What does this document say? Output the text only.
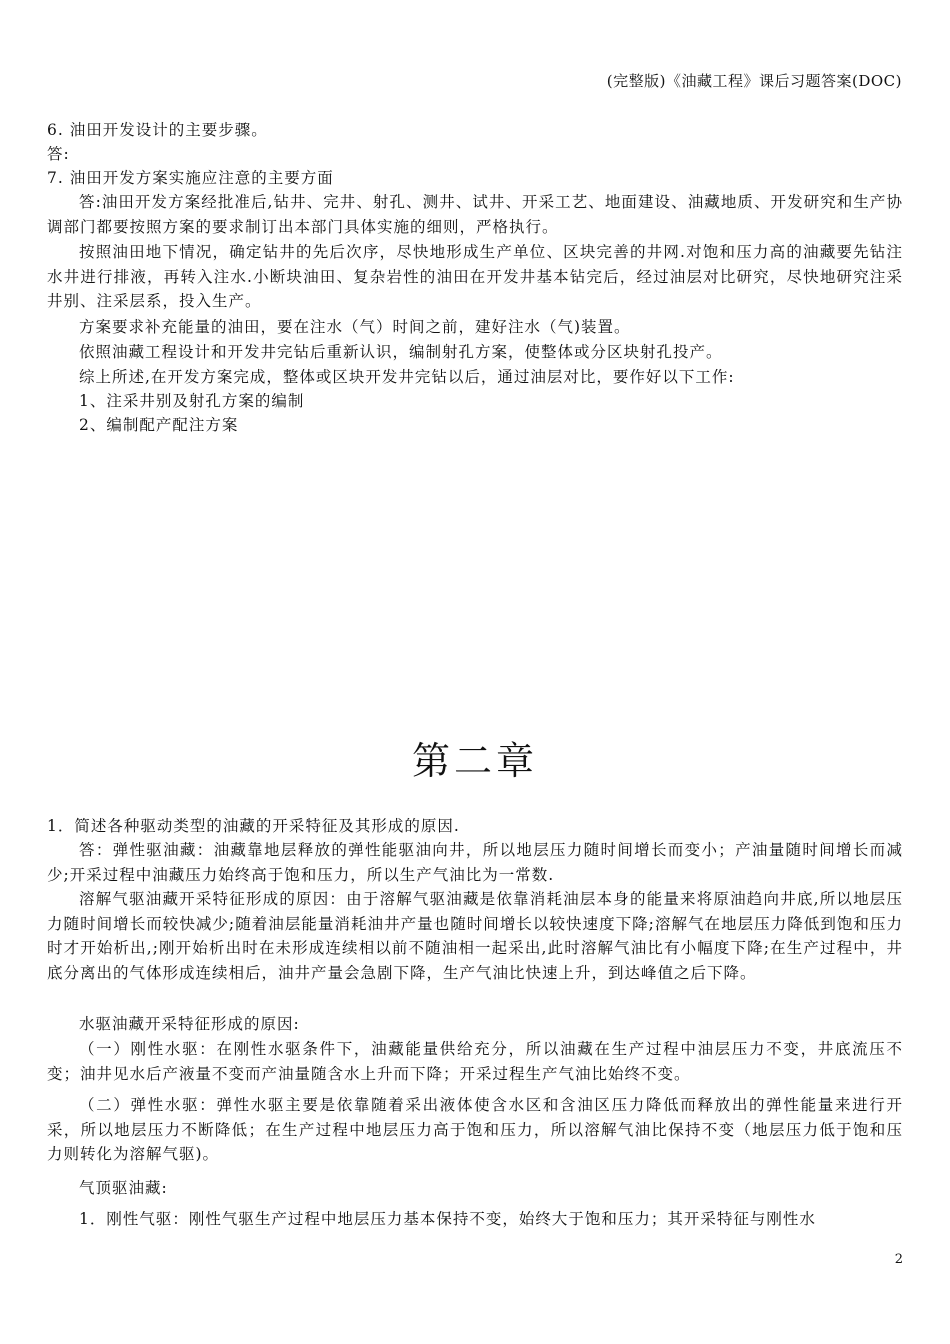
(完整版)《油藏工程》课后习题答案(DOC)

6. 油田开发设计的主要步骤。

答:

7. 油田开发方案实施应注意的主要方面

答:油田开发方案经批准后,钻井、完井、射孔、测井、试井、开采工艺、地面建设、油藏地质、开发研究和生产协调部门都要按照方案的要求制订出本部门具体实施的细则，严格执行。

按照油田地下情况，确定钻井的先后次序，尽快地形成生产单位、区块完善的井网.对饱和压力高的油藏要先钻注水井进行排液，再转入注水.小断块油田、复杂岩性的油田在开发井基本钻完后，经过油层对比研究，尽快地研究注采井别、注采层系，投入生产。

方案要求补充能量的油田，要在注水（气）时间之前，建好注水（气)装置。

依照油藏工程设计和开发井完钻后重新认识，编制射孔方案，使整体或分区块射孔投产。

综上所述,在开发方案完成，整体或区块开发井完钻以后，通过油层对比，要作好以下工作:

1、注采井别及射孔方案的编制

2、编制配产配注方案

第二章

1．简述各种驱动类型的油藏的开采特征及其形成的原因.

答：弹性驱油藏：油藏靠地层释放的弹性能驱油向井，所以地层压力随时间增长而变小；产油量随时间增长而减少;开采过程中油藏压力始终高于饱和压力，所以生产气油比为一常数.

溶解气驱油藏开采特征形成的原因：由于溶解气驱油藏是依靠消耗油层本身的能量来将原油趋向井底,所以地层压力随时间增长而较快减少;随着油层能量消耗油井产量也随时间增长以较快速度下降;溶解气在地层压力降低到饱和压力时才开始析出,;刚开始析出时在未形成连续相以前不随油相一起采出,此时溶解气油比有小幅度下降;在生产过程中，井底分离出的气体形成连续相后，油井产量会急剧下降，生产气油比快速上升，到达峰值之后下降。

水驱油藏开采特征形成的原因:

（一）刚性水驱：在刚性水驱条件下，油藏能量供给充分，所以油藏在生产过程中油层压力不变，井底流压不变；油井见水后产液量不变而产油量随含水上升而下降；开采过程生产气油比始终不变。

（二）弹性水驱：弹性水驱主要是依靠随着采出液体使含水区和含油区压力降低而释放出的弹性能量来进行开采，所以地层压力不断降低；在生产过程中地层压力高于饱和压力，所以溶解气油比保持不变（地层压力低于饱和压力则转化为溶解气驱)。

气顶驱油藏:

1．刚性气驱：刚性气驱生产过程中地层压力基本保持不变，始终大于饱和压力；其开采特征与刚性水

2
